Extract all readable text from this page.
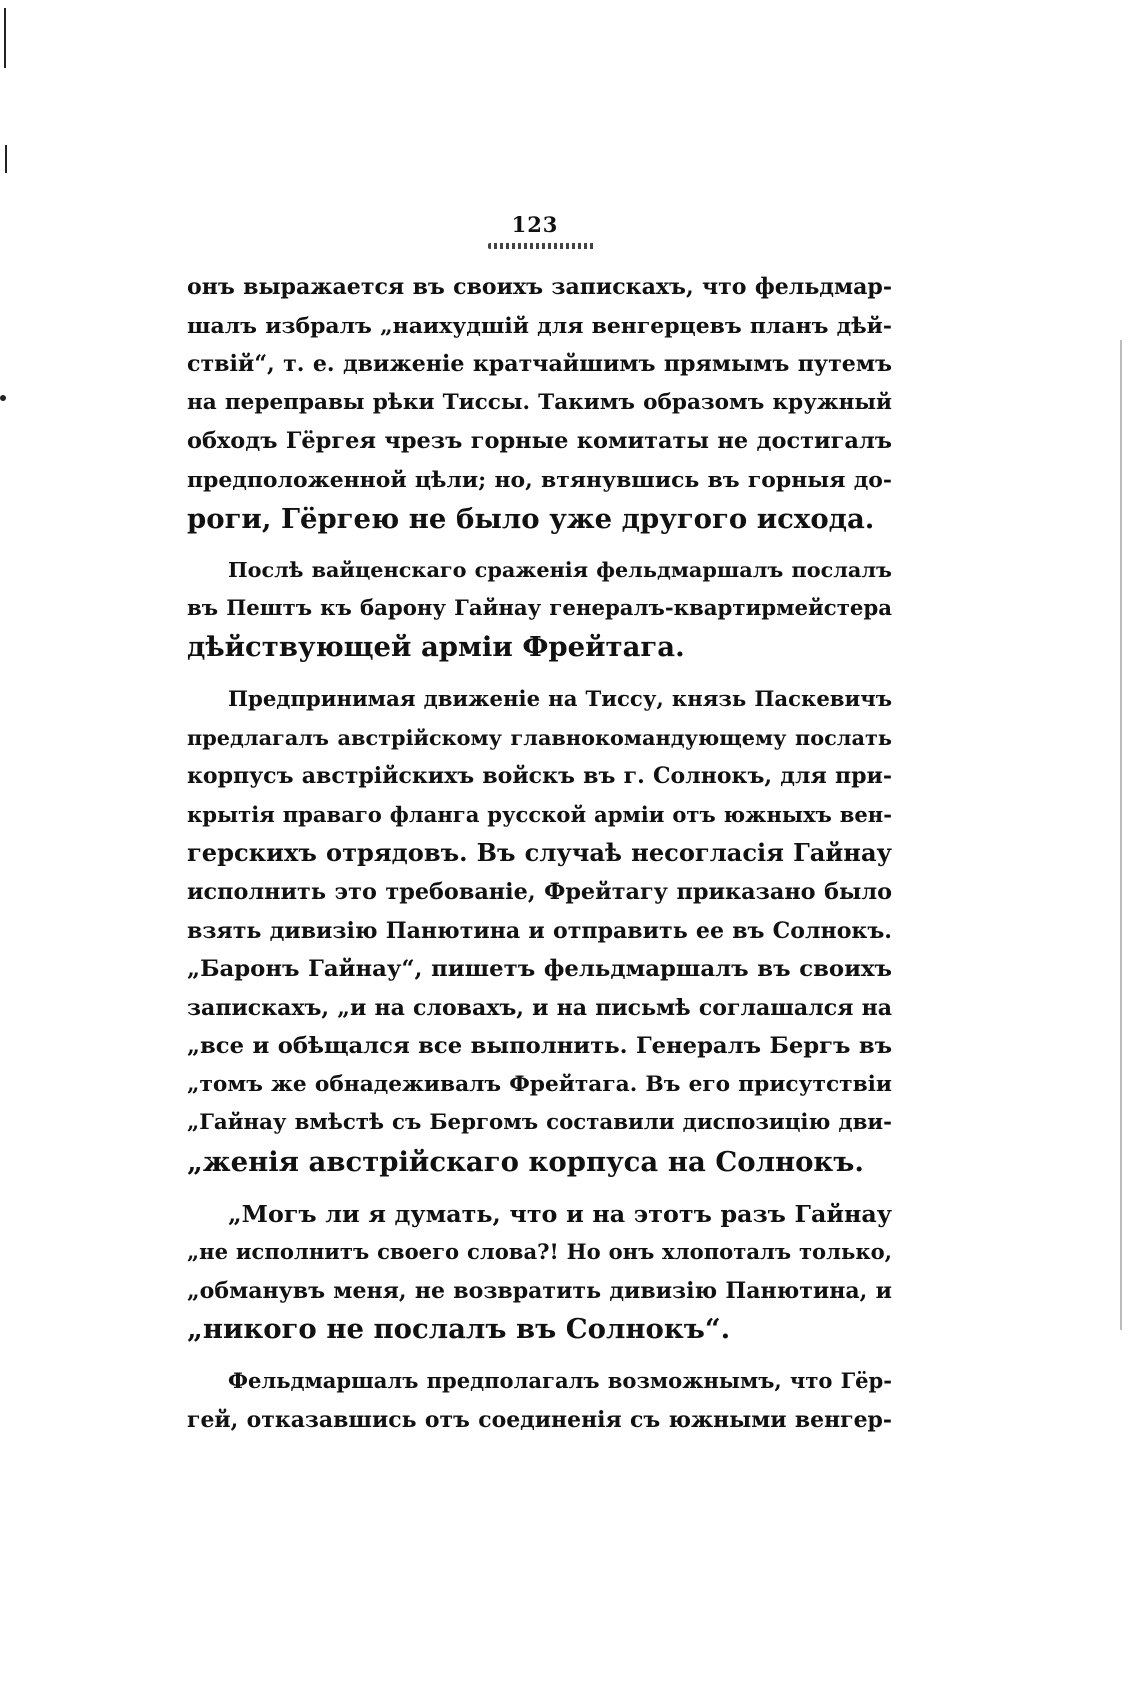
123
онъ выражается въ своихъ запискахъ, что фельдмар-
шалъ избралъ „наихудшій для венгерцевъ планъ дѣй-
ствій“, т. е. движеніе кратчайшимъ прямымъ путемъ
на переправы рѣки Тиссы. Такимъ образомъ кружный
обходъ Гёргея чрезъ горные комитаты не достигалъ
предположенной цѣли; но, втянувшись въ горныя до-
роги, Гёргею не было уже другого исхода.
Послѣ вайценскаго сраженія фельдмаршалъ послалъ
въ Пештъ къ барону Гайнау генералъ-квартирмейстера
дѣйствующей арміи Фрейтага.
Предпринимая движеніе на Тиссу, князь Паскевичъ
предлагалъ австрійскому главнокомандующему послать
корпусъ австрійскихъ войскъ въ г. Солнокъ, для при-
крытія праваго фланга русской арміи отъ южныхъ вен-
герскихъ отрядовъ. Въ случаѣ несогласія Гайнау
исполнить это требованіе, Фрейтагу приказано было
взять дивизію Панютина и отправить ее въ Солнокъ.
„Баронъ Гайнау“, пишетъ фельдмаршалъ въ своихъ
запискахъ, „и на словахъ, и на письмѣ соглашался на
„все и обѣщался все выполнить. Генералъ Бергъ въ
„томъ же обнадеживалъ Фрейтага. Въ его присутствіи
„Гайнау вмѣстѣ съ Бергомъ составили диспозицію дви-
„женія австрійскаго корпуса на Солнокъ.
„Могъ ли я думать, что и на этотъ разъ Гайнау
„не исполнитъ своего слова?! Но онъ хлопоталъ только,
„обманувъ меня, не возвратить дивизію Панютина, и
„никого не послалъ въ Солнокъ“.
Фельдмаршалъ предполагалъ возможнымъ, что Гёр-
гей, отказавшись отъ соединенія съ южными венгер-
